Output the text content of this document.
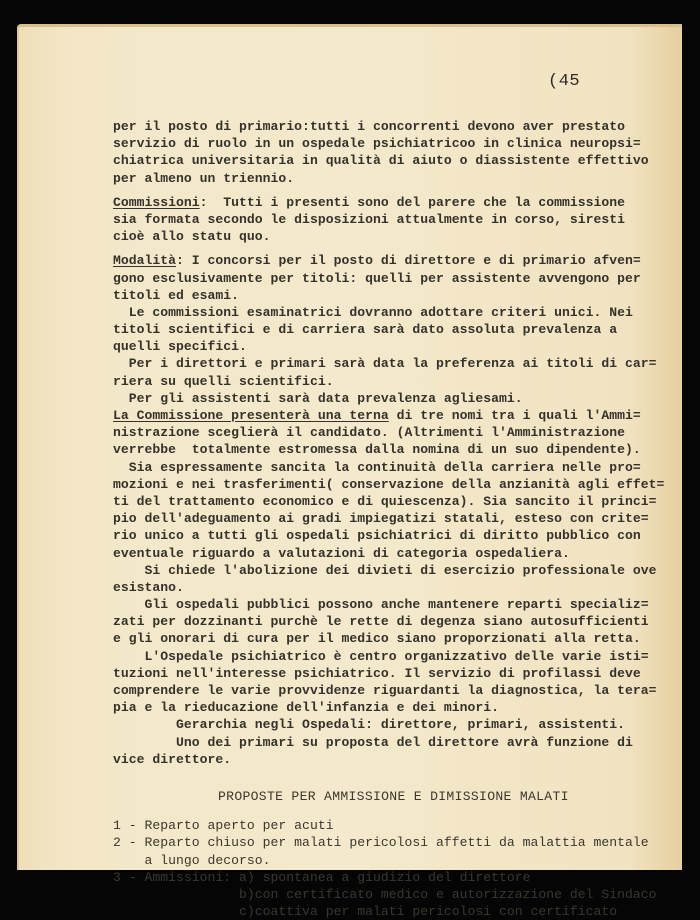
(45
per il posto di primario:tutti i concorrenti devono aver prestato
servizio di ruolo in un ospedale psichiatricoo in clinica neuropsi=
chiatrica universitaria in qualità di aiuto o diassistente effettivo
per almeno un triennio.
Commissioni:  Tutti i presenti sono del parere che la commissione
sia formata secondo le disposizioni attualmente in corso, siresti
cioè allo statu quo.
Modalità: I concorsi per il posto di direttore e di primario afven=
gono esclusivamente per titoli: quelli per assistente avvengono per
titoli ed esami.
Le commissioni esaminatrici dovranno adottare criteri unici. Nei
titoli scientifici e di carriera sarà dato assoluta prevalenza a
quelli specifici.
Per i direttori e primari sarà data la preferenza ai titoli di car=
riera su quelli scientifici.
Per gli assistenti sarà data prevalenza agliesami.
La Commissione presenterà una terna di tre nomi tra i quali l'Ammi=
nistrazione sceglierà il candidato. (Altrimenti l'Amministrazione
verrebbe  totalmente estromessa dalla nomina di un suo dipendente).
Sia espressamente sancita la continuità della carriera nelle pro=
mozioni e nei trasferimenti( conservazione della anzianità agli effet=
ti del trattamento economico e di quiescenza). Sia sancito il princi=
pio dell'adeguamento ai gradi impiegatizi statali, esteso con crite=
rio unico a tutti gli ospedali psichiatrici di diritto pubblico con
eventuale riguardo a valutazioni di categoria ospedaliera.
Si chiede l'abolizione dei divieti di esercizio professionale ove
esistano.
Gli ospedali pubblici possono anche mantenere reparti specializ=
zati per dozzinanti purchè le rette di degenza siano autosufficienti
e gli onorari di cura per il medico siano proporzionati alla retta.
L'Ospedale psichiatrico è centro organizzativo delle varie isti=
tuzioni nell'interesse psichiatrico. Il servizio di profilassi deve
comprendere le varie provvidenze riguardanti la diagnostica, la tera=
pia e la rieducazione dell'infanzia e dei minori.
Gerarchia negli Ospedali: direttore, primari, assistenti.
Uno dei primari su proposta del direttore avrà funzione di
vice direttore.
PROPOSTE PER AMMISSIONE E DIMISSIONE MALATI
1 - Reparto aperto per acuti
2 - Reparto chiuso per malati pericolosi affetti da malattia mentale
a lungo decorso.
3 - Ammissioni: a) spontanea a giudizio del direttore
b)con certificato medico e autorizzazione del Sindaco
c)coattiva per malati pericolosi con certificato
